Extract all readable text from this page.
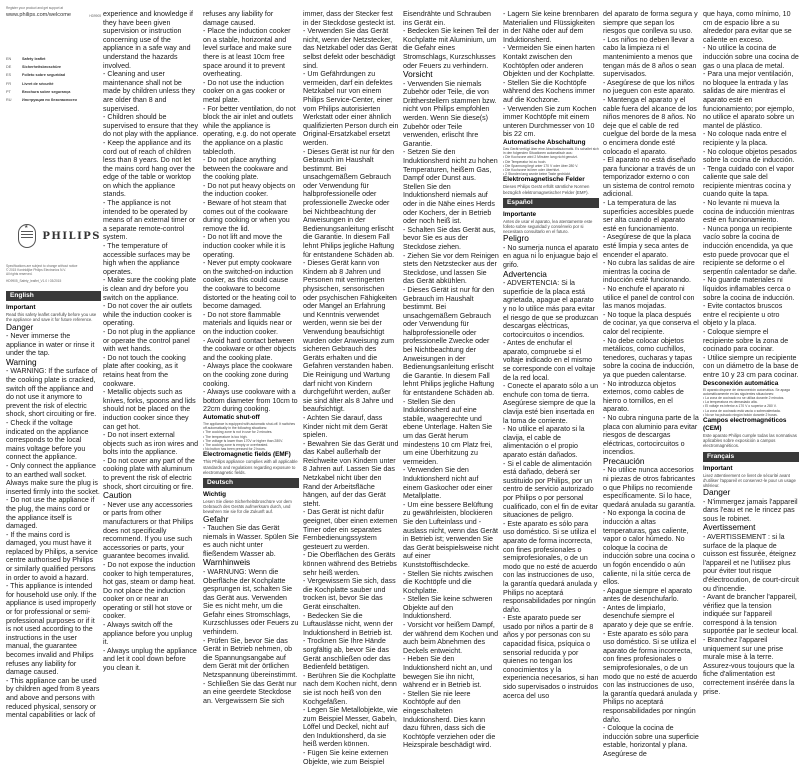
Register your product and get support at

www.philips.com/welcome	HD9905

EN	Safety leaflet
DE	Sicherheitsbroschüre
ES	Folleto sobre seguridad
FR	Livret de sécurité
PT	Brochura sobre segurança
RU	Инструкция по безопасности
★
PHILIPS

Specifications are subject to change without notice

© 2015 Koninklijke Philips Electronics N.V.

All rights reserved.

HD9905_Safety_leaflet_V1.0 / 03/2015

English

Important

Read this safety leaflet carefully before you use the appliance and save it for future reference.

Danger

- Never immerse the appliance in water or rinse it under the tap.

Warning

- WARNING: If the surface of the cooking plate is cracked, switch off the appliance and do not use it anymore to prevent the risk of electric shock, short circuiting or fire.
- Check if the voltage indicated on the appliance corresponds to the local mains voltage before you connect the appliance.
- Only connect the appliance to an earthed wall socket. Always make sure the plug is inserted firmly into the socket.
- Do not use the appliance if the plug, the mains cord or the appliance itself is damaged.
- If the mains cord is damaged, you must have it replaced by Philips, a service centre authorised by Philips or similarly qualified persons in order to avoid a hazard.
- This appliance is intended for household use only. If the appliance is used improperly or for professional or semi-professional purposes or if it is not used according to the instructions in the user manual, the guarantee becomes invalid and Philips refuses any liability for damage caused.
- This appliance can be used by children aged from 8 years and above and persons with reduced physical, sensory or mental capabilities or lack of

experience and knowledge if they have been given supervision or instruction concerning use of the appliance in a safe way and understand the hazards involved.
- Cleaning and user maintenance shall not be made by children unless they are older than 8 and supervised.
- Children should be supervised to ensure that they do not play with the appliance.
- Keep the appliance and its cord out of reach of children less than 8 years. Do not let the mains cord hang over the edge of the table or worktop on which the appliance stands.
- The appliance is not intended to be operated by means of an external timer or a separate remote-control system.
- The temperature of accessible surfaces may be high when the appliance operates.
- Make sure the cooking plate is clean and dry before you switch on the appliance.
- Do not cover the air outlets while the induction cooker is operating.
- Do not plug in the appliance or operate the control panel with wet hands.
- Do not touch the cooking plate after cooking, as it retains heat from the cookware.
- Metallic objects such as knives, forks, spoons and lids should not be placed on the induction cooker since they can get hot.
- Do not insert external objects such as iron wires and bolts into the appliance.
- Do not cover any part of the cooking plate with aluminum to prevent the risk of electric shock, short circuiting or fire.

Caution

- Never use any accessories or parts from other manufacturers or that Philips does not specifically recommend. If you use such accessories or parts, your guarantee becomes invalid.
- Do not expose the induction cooker to high temperatures, hot gas, steam or damp heat. Do not place the induction cooker on or near an operating or still hot stove or cooker.
- Always switch off the appliance before you unplug it.
- Always unplug the appliance and let it cool down before you clean it.

refuses any liability for damage caused.
- Place the induction cooker on a stable, horizontal and level surface and make sure there is at least 10cm free space around it to prevent overheating.
- Do not use the induction cooker on a gas cooker or metal plate.
- For better ventilation, do not block the air inlet and outlets while the appliance is operating, e.g. do not operate the appliance on a plastic tablecloth.
- Do not place anything between the cookware and the cooking plate.
- Do not put heavy objects on the induction cooker.
- Beware of hot steam that comes out of the cookware during cooking or when you remove the lid.
- Do not lift and move the induction cooker while it is operating.
- Never put empty cookware on the switched-on induction cooker, as this could cause the cookware to become distorted or the heating coil to become damaged.
- Do not store flammable materials and liquids near or on the induction cooker.
- Avoid hard contact between the cookware or other objects and the cooking plate.
- Always place the cookware on the cooking zone during cooking.
- Always use cookware with a bottom diameter from 10cm to 22cm during cooking.

Automatic shut-off

The appliance is equipped with automatic shut-off. It switches off automatically in the following situations:

• The cooking zone is not in use for 2 minutes.

• The temperature is too high.

• The voltage is lower than 170V or higher than 280V.

• The cooking zone is empty or overheated.

• No button has been pressed for 2 hours.

Electromagnetic fields (EMF)

This Philips appliance complies with all applicable standards and regulations regarding exposure to electromagnetic fields.

Deutsch

Wichtig

Lesen Sie diese Sicherheitsbroschüre vor dem Gebrauch des Geräts aufmerksam durch, und bewahren Sie sie für die Zukunft auf.

Gefahr

- Tauchen Sie das Gerät niemals in Wasser. Spülen Sie es auch nicht unter fließendem Wasser ab.

Warnhinweis

- WARNUNG: Wenn die Oberfläche der Kochplatte gesprungen ist, schalten Sie das Gerät aus. Verwenden Sie es nicht mehr, um die Gefahr eines Stromschlags, Kurzschlusses oder Feuers zu verhindern.
- Prüfen Sie, bevor Sie das Gerät in Betrieb nehmen, ob die Spannungsangabe auf dem Gerät mit der örtlichen Netzspannung übereinstimmt.
- Schließen Sie das Gerät nur an eine geerdete Steckdose an. Vergewissern Sie sich

immer, dass der Stecker fest in der Steckdose gesteckt ist.
- Verwenden Sie das Gerät nicht, wenn der Netzstecker, das Netzkabel oder das Gerät selbst defekt oder beschädigt sind.
- Um Gefährdungen zu vermeiden, darf ein defektes Netzkabel nur von einem Philips Service-Center, einer vom Philips autorisierten Werkstatt oder einer ähnlich qualifizierten Person durch ein Original-Ersatzkabel ersetzt werden.
- Dieses Gerät ist nur für den Gebrauch im Haushalt bestimmt. Bei unsachgemäßem Gebrauch oder Verwendung für halbprofessionelle oder professionelle Zwecke oder bei Nichtbeachtung der Anweisungen in der Bedienungsanleitung erlischt die Garantie. In diesem Fall lehnt Philips jegliche Haftung für entstandene Schäden ab.
- Dieses Gerät kann von Kindern ab 8 Jahren und Personen mit verringerten physischen, sensorischen oder psychischen Fähigkeiten oder Mangel an Erfahrung und Kenntnis verwendet werden, wenn sie bei der Verwendung beaufsichtigt wurden oder Anweisung zum sicheren Gebrauch des Geräts erhalten und die Gefahren verstanden haben. Die Reinigung und Wartung darf nicht von Kindern durchgeführt werden, außer sie sind älter als 8 Jahre und beaufsichtigt.
- Achten Sie darauf, dass Kinder nicht mit dem Gerät spielen.
- Bewahren Sie das Gerät und das Kabel außerhalb der Reichweite von Kindern unter 8 Jahren auf. Lassen Sie das Netzkabel nicht über den Rand der Arbeitsfläche hängen, auf der das Gerät steht.
- Das Gerät ist nicht dafür geeignet, über einen externen Timer oder ein separates Fernbedienungssystem gesteuert zu werden.
- Die Oberflächen des Geräts können während des Betriebs sehr heiß werden.
- Vergewissern Sie sich, dass die Kochplatte sauber und trocken ist, bevor Sie das Gerät einschalten.
- Bedecken Sie die Luftauslässe nicht, wenn der Induktionsherd in Betrieb ist.
- Trocknen Sie Ihre Hände sorgfältig ab, bevor Sie das Gerät anschließen oder das Bedienfeld betätigen.
- Berühren Sie die Kochplatte nach dem Kochen nicht, denn sie ist noch heiß von den Kochgefäßen.
- Legen Sie Metallobjekte, wie zum Beispiel Messer, Gabeln, Löffel und Deckel, nicht auf den Induktionsherd, da sie heiß werden können.
- Fügen Sie keine externen Objekte, wie zum Beispiel

Eisendrähte und Schrauben ins Gerät ein.
- Bedecken Sie keinen Teil der Kochplatte mit Aluminium, um die Gefahr eines Stromschlags, Kurzschlusses oder Feuers zu verhindern.

Vorsicht

- Verwenden Sie niemals Zubehör oder Teile, die von Drittherstellern stammen bzw. nicht von Philips empfohlen werden. Wenn Sie diese(s) Zubehör oder Teile verwenden, erlischt Ihre Garantie.
- Setzen Sie den Induktionsherd nicht zu hohen Temperaturen, heißem Gas, Dampf oder Dunst aus. Stellen Sie den Induktionsherd niemals auf oder in die Nähe eines Herds oder Kochers, der in Betrieb oder noch heiß ist.
- Schalten Sie das Gerät aus, bevor Sie es aus der Steckdose ziehen.
- Ziehen Sie vor dem Reinigen stets den Netzstecker aus der Steckdose, und lassen Sie das Gerät abkühlen.
- Dieses Gerät ist nur für den Gebrauch im Haushalt bestimmt. Bei unsachgemäßem Gebrauch oder Verwendung für halbprofessionelle oder professionelle Zwecke oder bei Nichtbeachtung der Anweisungen in der Bedienungsanleitung erlischt die Garantie. In diesem Fall lehnt Philips jegliche Haftung für entstandene Schäden ab.
- Stellen Sie den Induktionsherd auf eine stabile, waagerechte und ebene Unterlage. Halten Sie um das Gerät herum mindestens 10 cm Platz frei, um eine Überhitzung zu vermeiden.
- Verwenden Sie den Induktionsherd nicht auf einem Gaskocher oder einer Metallplatte.
- Um eine bessere Belüftung zu gewährleisten, blockieren Sie den Lufteinlass und -auslass nicht, wenn das Gerät in Betrieb ist; verwenden Sie das Gerät beispielsweise nicht auf einer Kunststofftischdecke.
- Stellen Sie nichts zwischen die Kochtöpfe und die Kochplatte.
- Stellen Sie keine schweren Objekte auf den Induktionsherd.
- Vorsicht vor heißem Dampf, der während dem Kochen und auch beim Abnehmen des Deckels entweicht.
- Heben Sie den Induktionsherd nicht an, und bewegen Sie ihn nicht, während er in Betrieb ist.
- Stellen Sie nie leere Kochtöpfe auf den eingeschalteten Induktionsherd. Dies kann dazu führen, dass sich die Kochtöpfe verziehen oder die Heizspirale beschädigt wird.

- Lagern Sie keine brennbaren Materialien und Flüssigkeiten in der Nähe oder auf dem Induktionsherd.
- Vermeiden Sie einen harten Kontakt zwischen den Kochtöpfen oder anderen Objekten und der Kochplatte.
- Stellen Sie die Kochtöpfe während des Kochens immer auf die Kochzone.
- Verwenden Sie zum Kochen immer Kochtöpfe mit einem unteren Durchmesser von 10 bis 22 cm.

Automatische Abschaltung

Das Gerät verfügt über eine Abschaltautomatik. Es schaltet sich in den folgenden Situationen automatisch aus:

• Die Kochzone wird 2 Minuten lang nicht genutzt.

• Die Temperatur ist zu hoch.

• Die Spannung liegt unter 170 V oder über 280 V.

• Die Kochzone ist leer oder überhitzt.

• 2 Stunden lang wurde keine Taste gedrückt.

Elektromagnetische Felder

Dieses Philips Gerät erfüllt sämtliche Normen bezüglich elektromagnetischer Felder (EMF).

Español

Importante

Antes de usar el aparato, lea atentamente este folleto sobre seguridad y consérvelo por si necesitara consultarlo en el futuro.

Peligro

- No sumerja nunca el aparato en agua ni lo enjuague bajo el grifo.

Advertencia

- ADVERTENCIA: Si la superficie de la placa está agrietada, apague el aparato y no lo utilice más para evitar el riesgo de que se produzcan descargas eléctricas, cortocircuitos o incendios.
- Antes de enchufar el aparato, compruebe si el voltaje indicado en el mismo se corresponde con el voltaje de la red local.
- Conecte el aparato sólo a un enchufe con toma de tierra. Asegúrese siempre de que la clavija esté bien insertada en la toma de corriente.
- No utilice el aparato si la clavija, el cable de alimentación o el propio aparato están dañados.
- Si el cable de alimentación está dañado, deberá ser sustituido por Philips, por un centro de servicio autorizado por Philips o por personal cualificado, con el fin de evitar situaciones de peligro.
- Este aparato es sólo para uso doméstico. Si se utiliza el aparato de forma incorrecta, con fines profesionales o semiprofesionales, o de un modo que no esté de acuerdo con las instrucciones de uso, la garantía quedará anulada y Philips no aceptará responsabilidades por ningún daño.
- Este aparato puede ser usado por niños a partir de 8 años y por personas con su capacidad física, psíquica o sensorial reducida y por quienes no tengan los conocimientos y la experiencia necesarios, si han sido supervisados o instruidos acerca del uso

del aparato de forma segura y siempre que sepan los riesgos que conlleva su uso.
- Los niños no deben llevar a cabo la limpieza ni el mantenimiento a menos que tengan más de 8 años o sean supervisados.
- Asegúrese de que los niños no jueguen con este aparato.
- Mantenga el aparato y el cable fuera del alcance de los niños menores de 8 años. No deje que el cable de red cuelgue del borde de la mesa o encimera donde esté colocado el aparato.
- El aparato no está diseñado para funcionar a través de un temporizador externo o con un sistema de control remoto adicional.
- La temperatura de las superficies accesibles puede ser alta cuando el aparato esté en funcionamiento.
- Asegúrese de que la placa esté limpia y seca antes de encender el aparato.
- No cubra las salidas de aire mientras la cocina de inducción esté funcionando.
- No enchufe el aparato ni utilice el panel de control con las manos mojadas.
- No toque la placa después de cocinar, ya que conserva el calor del recipiente.
- No debe colocar objetos metálicos, como cuchillos, tenedores, cucharas y tapas sobre la cocina de inducción, ya que pueden calentarse.
- No introduzca objetos externos, como cables de hierro o tornillos, en el aparato.
- No cubra ninguna parte de la placa con aluminio para evitar riesgos de descargas eléctricas, cortocircuitos o incendios.

Precaución

- No utilice nunca accesorios ni piezas de otros fabricantes o que Philips no recomiende específicamente. Si lo hace, quedará anulada su garantía.
- No exponga la cocina de inducción a altas temperaturas, gas caliente, vapor o calor húmedo. No coloque la cocina de inducción sobre una cocina o un fogón encendido o aún caliente, ni la sitúe cerca de ellos.
- Apague siempre el aparato antes de desenchufarlo.
- Antes de limpiarlo, desenchufe siempre el aparato y deje que se enfríe.
- Este aparato es sólo para uso doméstico. Si se utiliza el aparato de forma incorrecta, con fines profesionales o semiprofesionales, o de un modo que no esté de acuerdo con las instrucciones de uso, la garantía quedará anulada y Philips no aceptará responsabilidades por ningún daño.
- Coloque la cocina de inducción sobre una superficie estable, horizontal y plana. Asegúrese de

que haya, como mínimo, 10 cm de espacio libre a su alrededor para evitar que se caliente en exceso.
- No utilice la cocina de inducción sobre una cocina de gas o una placa de metal.
- Para una mejor ventilación, no bloquee la entrada y las salidas de aire mientras el aparato esté en funcionamiento; por ejemplo, no utilice el aparato sobre un mantel de plástico.
- No coloque nada entre el recipiente y la placa.
- No coloque objetos pesados sobre la cocina de inducción.
- Tenga cuidado con el vapor caliente que sale del recipiente mientras cocina y cuando quite la tapa.
- No levante ni mueva la cocina de inducción mientras esté en funcionamiento.
- Nunca ponga un recipiente vacío sobre la cocina de inducción encendida, ya que esto puede provocar que el recipiente se deforme o el serpentín calentador se dañe.
- No guarde materiales ni líquidos inflamables cerca o sobre la cocina de inducción.
- Evite contactos bruscos entre el recipiente u otro objeto y la placa.
- Coloque siempre el recipiente sobre la zona de cocinado para cocinar.
- Utilice siempre un recipiente con un diámetro de la base de entre 10 y 23 cm para cocinar.

Desconexión automática

El aparato dispone de desconexión automática. Se apaga automáticamente en las siguientes situaciones:

• La zona de cocinado no se utiliza durante 2 minutos.

• La temperatura es demasiado alta.

• El voltaje es inferior a 170 V o superior a 280 V.

• La zona de cocinado está vacía o sobrecalentada.

• No se ha pulsado ningún botón durante 2 horas.

Campos electromagnéticos (CEM)

Este aparato Philips cumple todas las normativas aplicables sobre exposición a campos electromagnéticos.

Français

Important

Lisez attentivement ce livret de sécurité avant d'utiliser l'appareil et conservez-le pour un usage ultérieur.

Danger

- N'immergez jamais l'appareil dans l'eau et ne le rincez pas sous le robinet.

Avertissement

- AVERTISSEMENT : si la surface de la plaque de cuisson est fissurée, éteignez l'appareil et ne l'utilisez plus pour éviter tout risque d'électrocution, de court-circuit ou d'incendie.
- Avant de brancher l'appareil, vérifiez que la tension indiquée sur l'appareil correspond à la tension supportée par le secteur local.
- Branchez l'appareil uniquement sur une prise murale mise à la terre. Assurez-vous toujours que la fiche d'alimentation est correctement insérée dans la prise.
